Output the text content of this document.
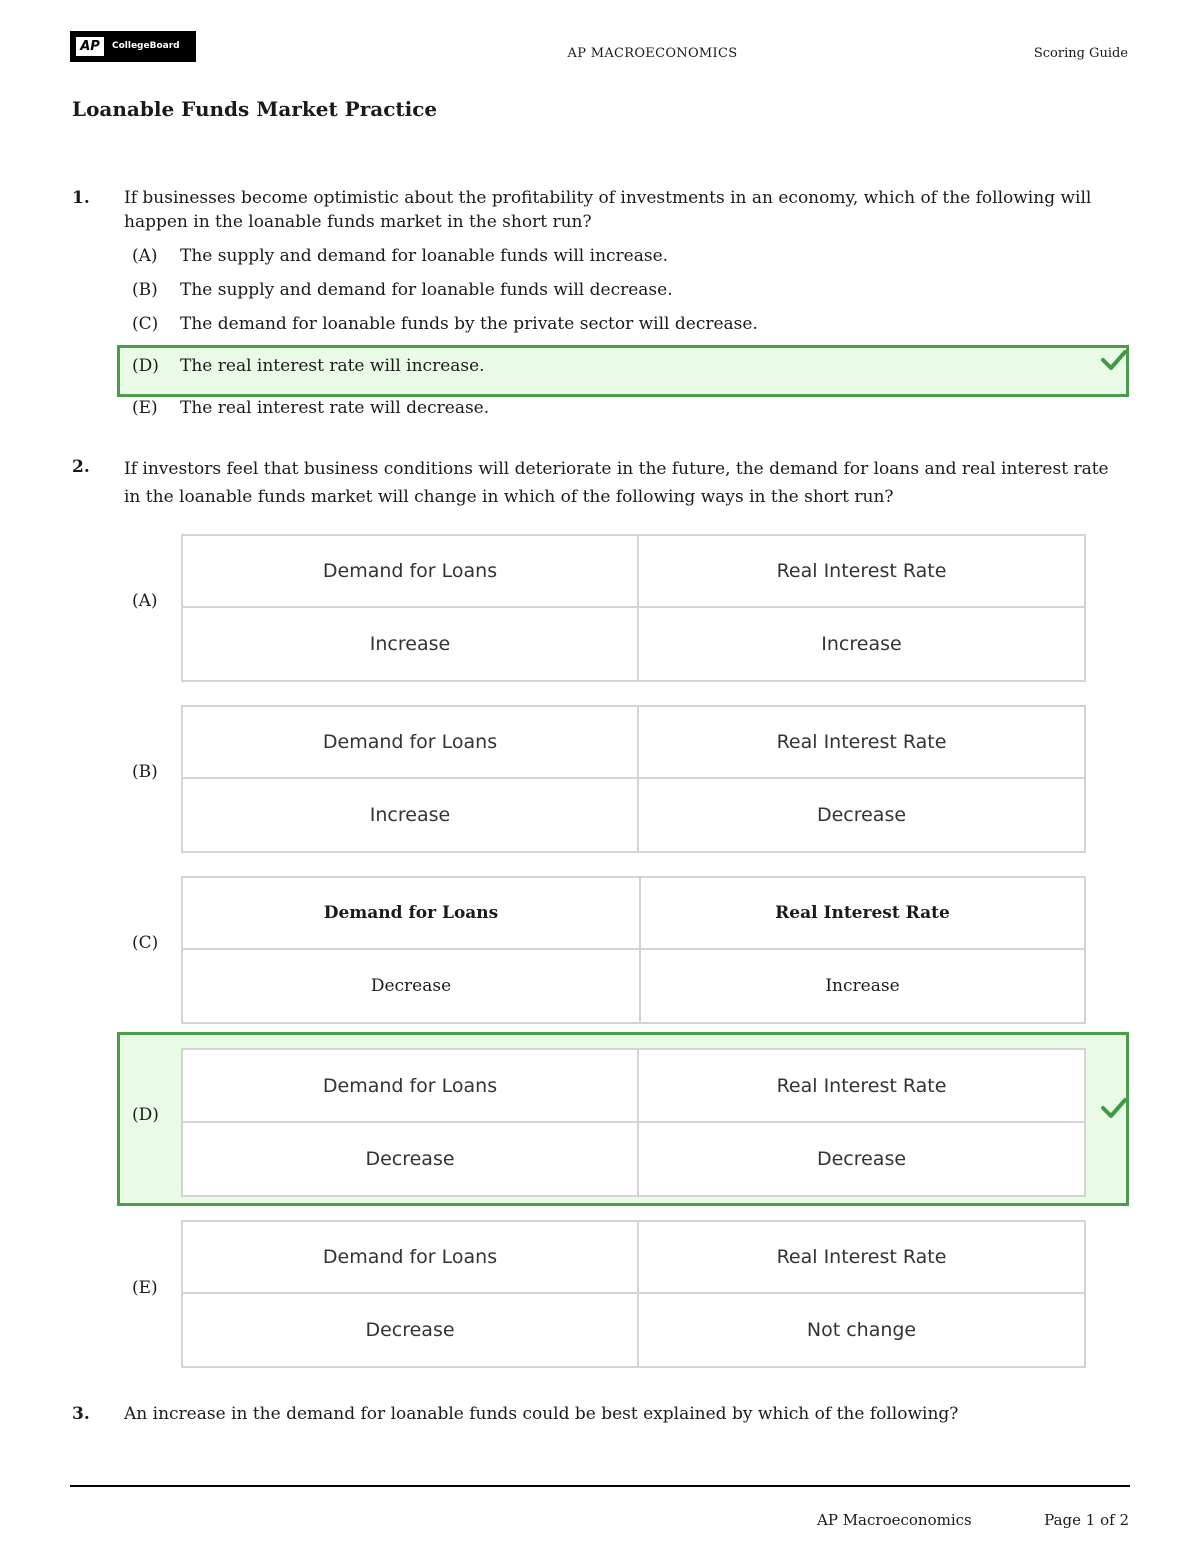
AP	CollegeBoard	AP MACROECONOMICS	Scoring Guide
Loanable Funds Market Practice
1. If businesses become optimistic about the profitability of investments in an economy, which of the following will happen in the loanable funds market in the short run?
(A) The supply and demand for loanable funds will increase.
(B) The supply and demand for loanable funds will decrease.
(C) The demand for loanable funds by the private sector will decrease.
(D) The real interest rate will increase.
(E) The real interest rate will decrease.
2. If investors feel that business conditions will deteriorate in the future, the demand for loans and real interest rate in the loanable funds market will change in which of the following ways in the short run?
(A)
Demand for Loans	Real Interest Rate
Increase	Increase
(B)
Demand for Loans	Real Interest Rate
Increase	Decrease
(C)
Demand for Loans	Real Interest Rate
Decrease	Increase
(D)
Demand for Loans	Real Interest Rate
Decrease	Decrease
(E)
Demand for Loans	Real Interest Rate
Decrease	Not change
3. An increase in the demand for loanable funds could be best explained by which of the following?
AP Macroeconomics	Page 1 of 2
